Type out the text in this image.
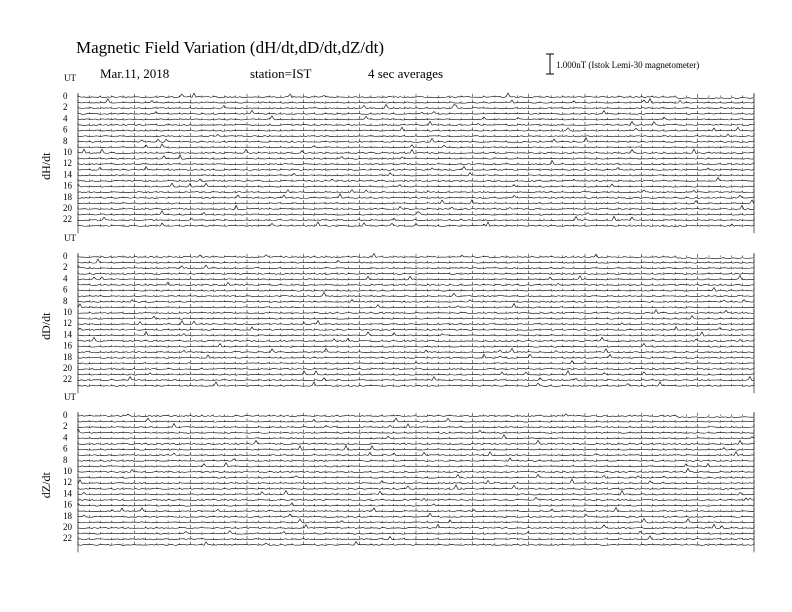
Magnetic Field Variation (dH/dt,dD/dt,dZ/dt)
Mar.11, 2018	station=IST	4 sec averages
1.000nT (Istok Lemi-30 magnetometer)
UT
dH/dt
0
2
4
6
8
10
12
14
16
18
20
22
UT
dD/dt
0
2
4
6
8
10
12
14
16
18
20
22
UT
dZ/dt
0
2
4
6
8
10
12
14
16
18
20
22
